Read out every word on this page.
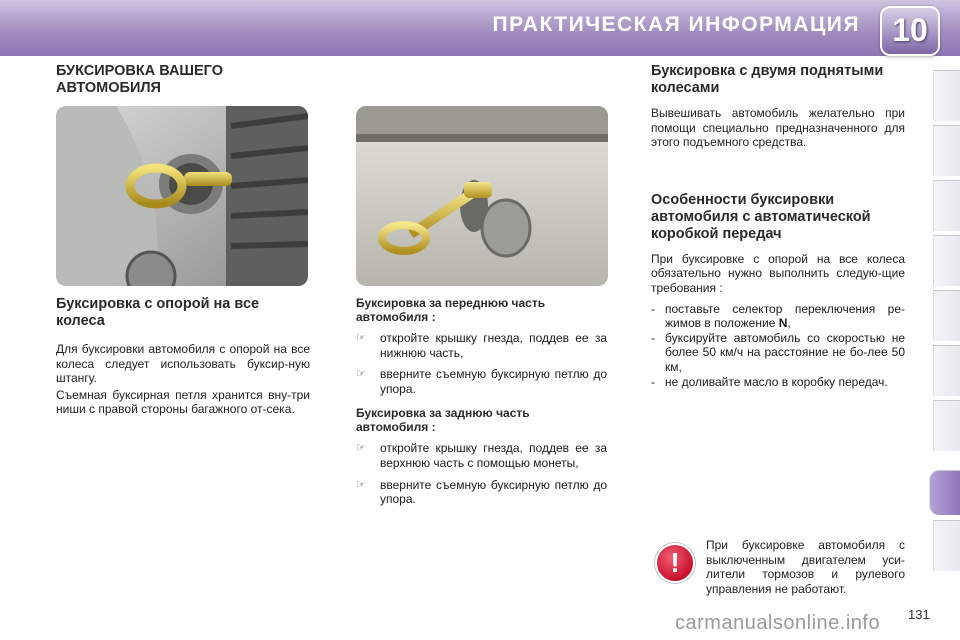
ПРАКТИЧЕСКАЯ ИНФОРМАЦИЯ	10
БУКСИРОВКА ВАШЕГО АВТОМОБИЛЯ
Буксировка с опорой на все колеса

Для буксировки автомобиля с опорой на все колеса следует использовать буксир-ную штангу.

Съемная буксирная петля хранится вну-три ниши с правой стороны багажного от-сека.

Буксировка за переднюю часть автомобиля :
☞	откройте крышку гнезда, поддев ее за нижнюю часть,
☞	вверните съемную буксирную петлю до упора.
Буксировка за заднюю часть автомобиля :
☞	откройте крышку гнезда, поддев ее за верхнюю часть с помощью монеты,
☞	вверните съемную буксирную петлю до упора.
Буксировка с двумя поднятыми колесами

Вывешивать автомобиль желательно при помощи специально предназначенного для этого подъемного средства.

Особенности буксировки автомобиля с автоматической коробкой передач

При буксировке с опорой на все колеса обязательно нужно выполнить следую-щие требования :

- поставьте селектор переключения ре-жимов в положение N,
- буксируйте автомобиль со скоростью не более 50 км/ч на расстояние не бо-лее 50 км,
- не доливайте масло в коробку передач.
!

При буксировке автомобиля с выключенным двигателем уси-лители тормозов и рулевого управления не работают.

carmanualsonline.info 131
